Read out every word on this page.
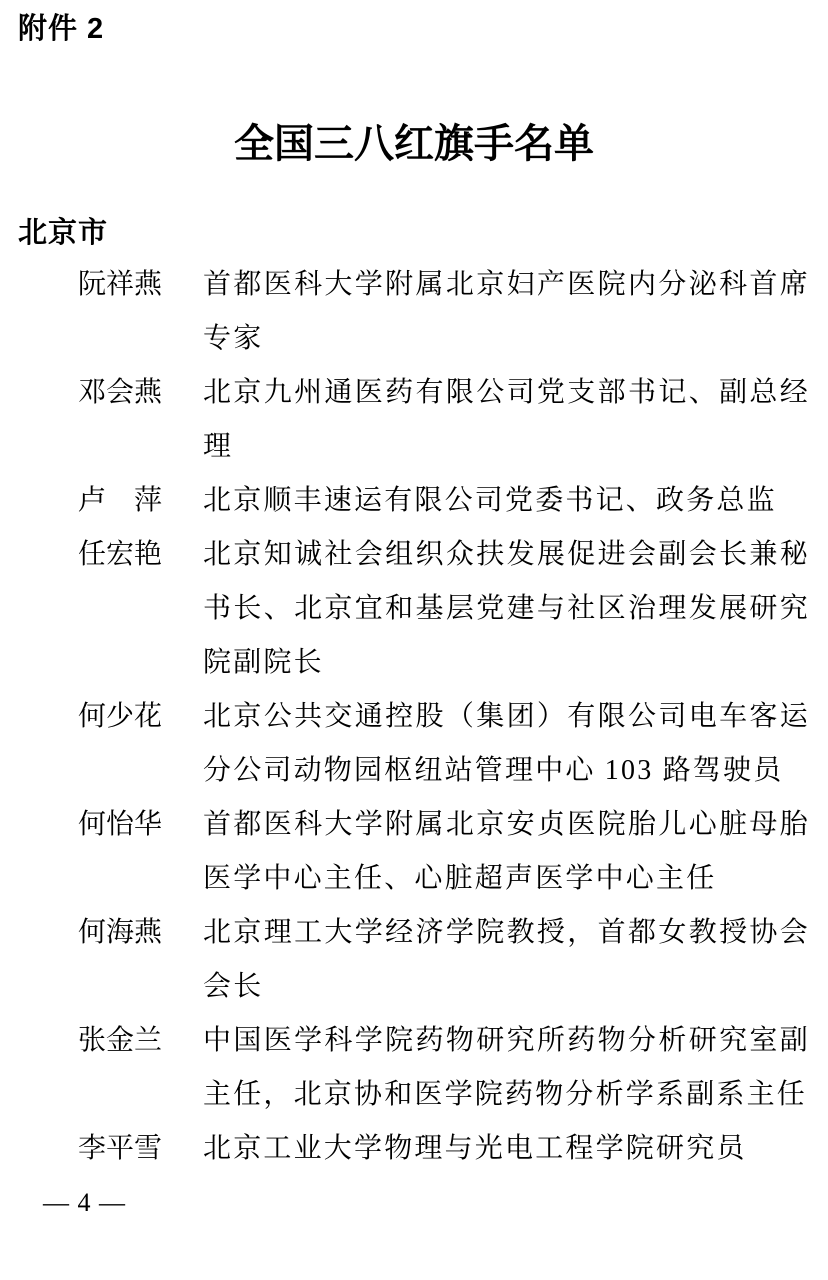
附件 2
全国三八红旗手名单
北京市
阮祥燕 首都医科大学附属北京妇产医院内分泌科首席专家
邓会燕 北京九州通医药有限公司党支部书记、副总经理
卢萍 北京顺丰速运有限公司党委书记、政务总监
任宏艳 北京知诚社会组织众扶发展促进会副会长兼秘书长、北京宜和基层党建与社区治理发展研究院副院长
何少花 北京公共交通控股（集团）有限公司电车客运分公司动物园枢纽站管理中心 103 路驾驶员
何怡华 首都医科大学附属北京安贞医院胎儿心脏母胎医学中心主任、心脏超声医学中心主任
何海燕 北京理工大学经济学院教授，首都女教授协会会长
张金兰 中国医学科学院药物研究所药物分析研究室副主任，北京协和医学院药物分析学系副系主任
李平雪 北京工业大学物理与光电工程学院研究员
— 4 —
